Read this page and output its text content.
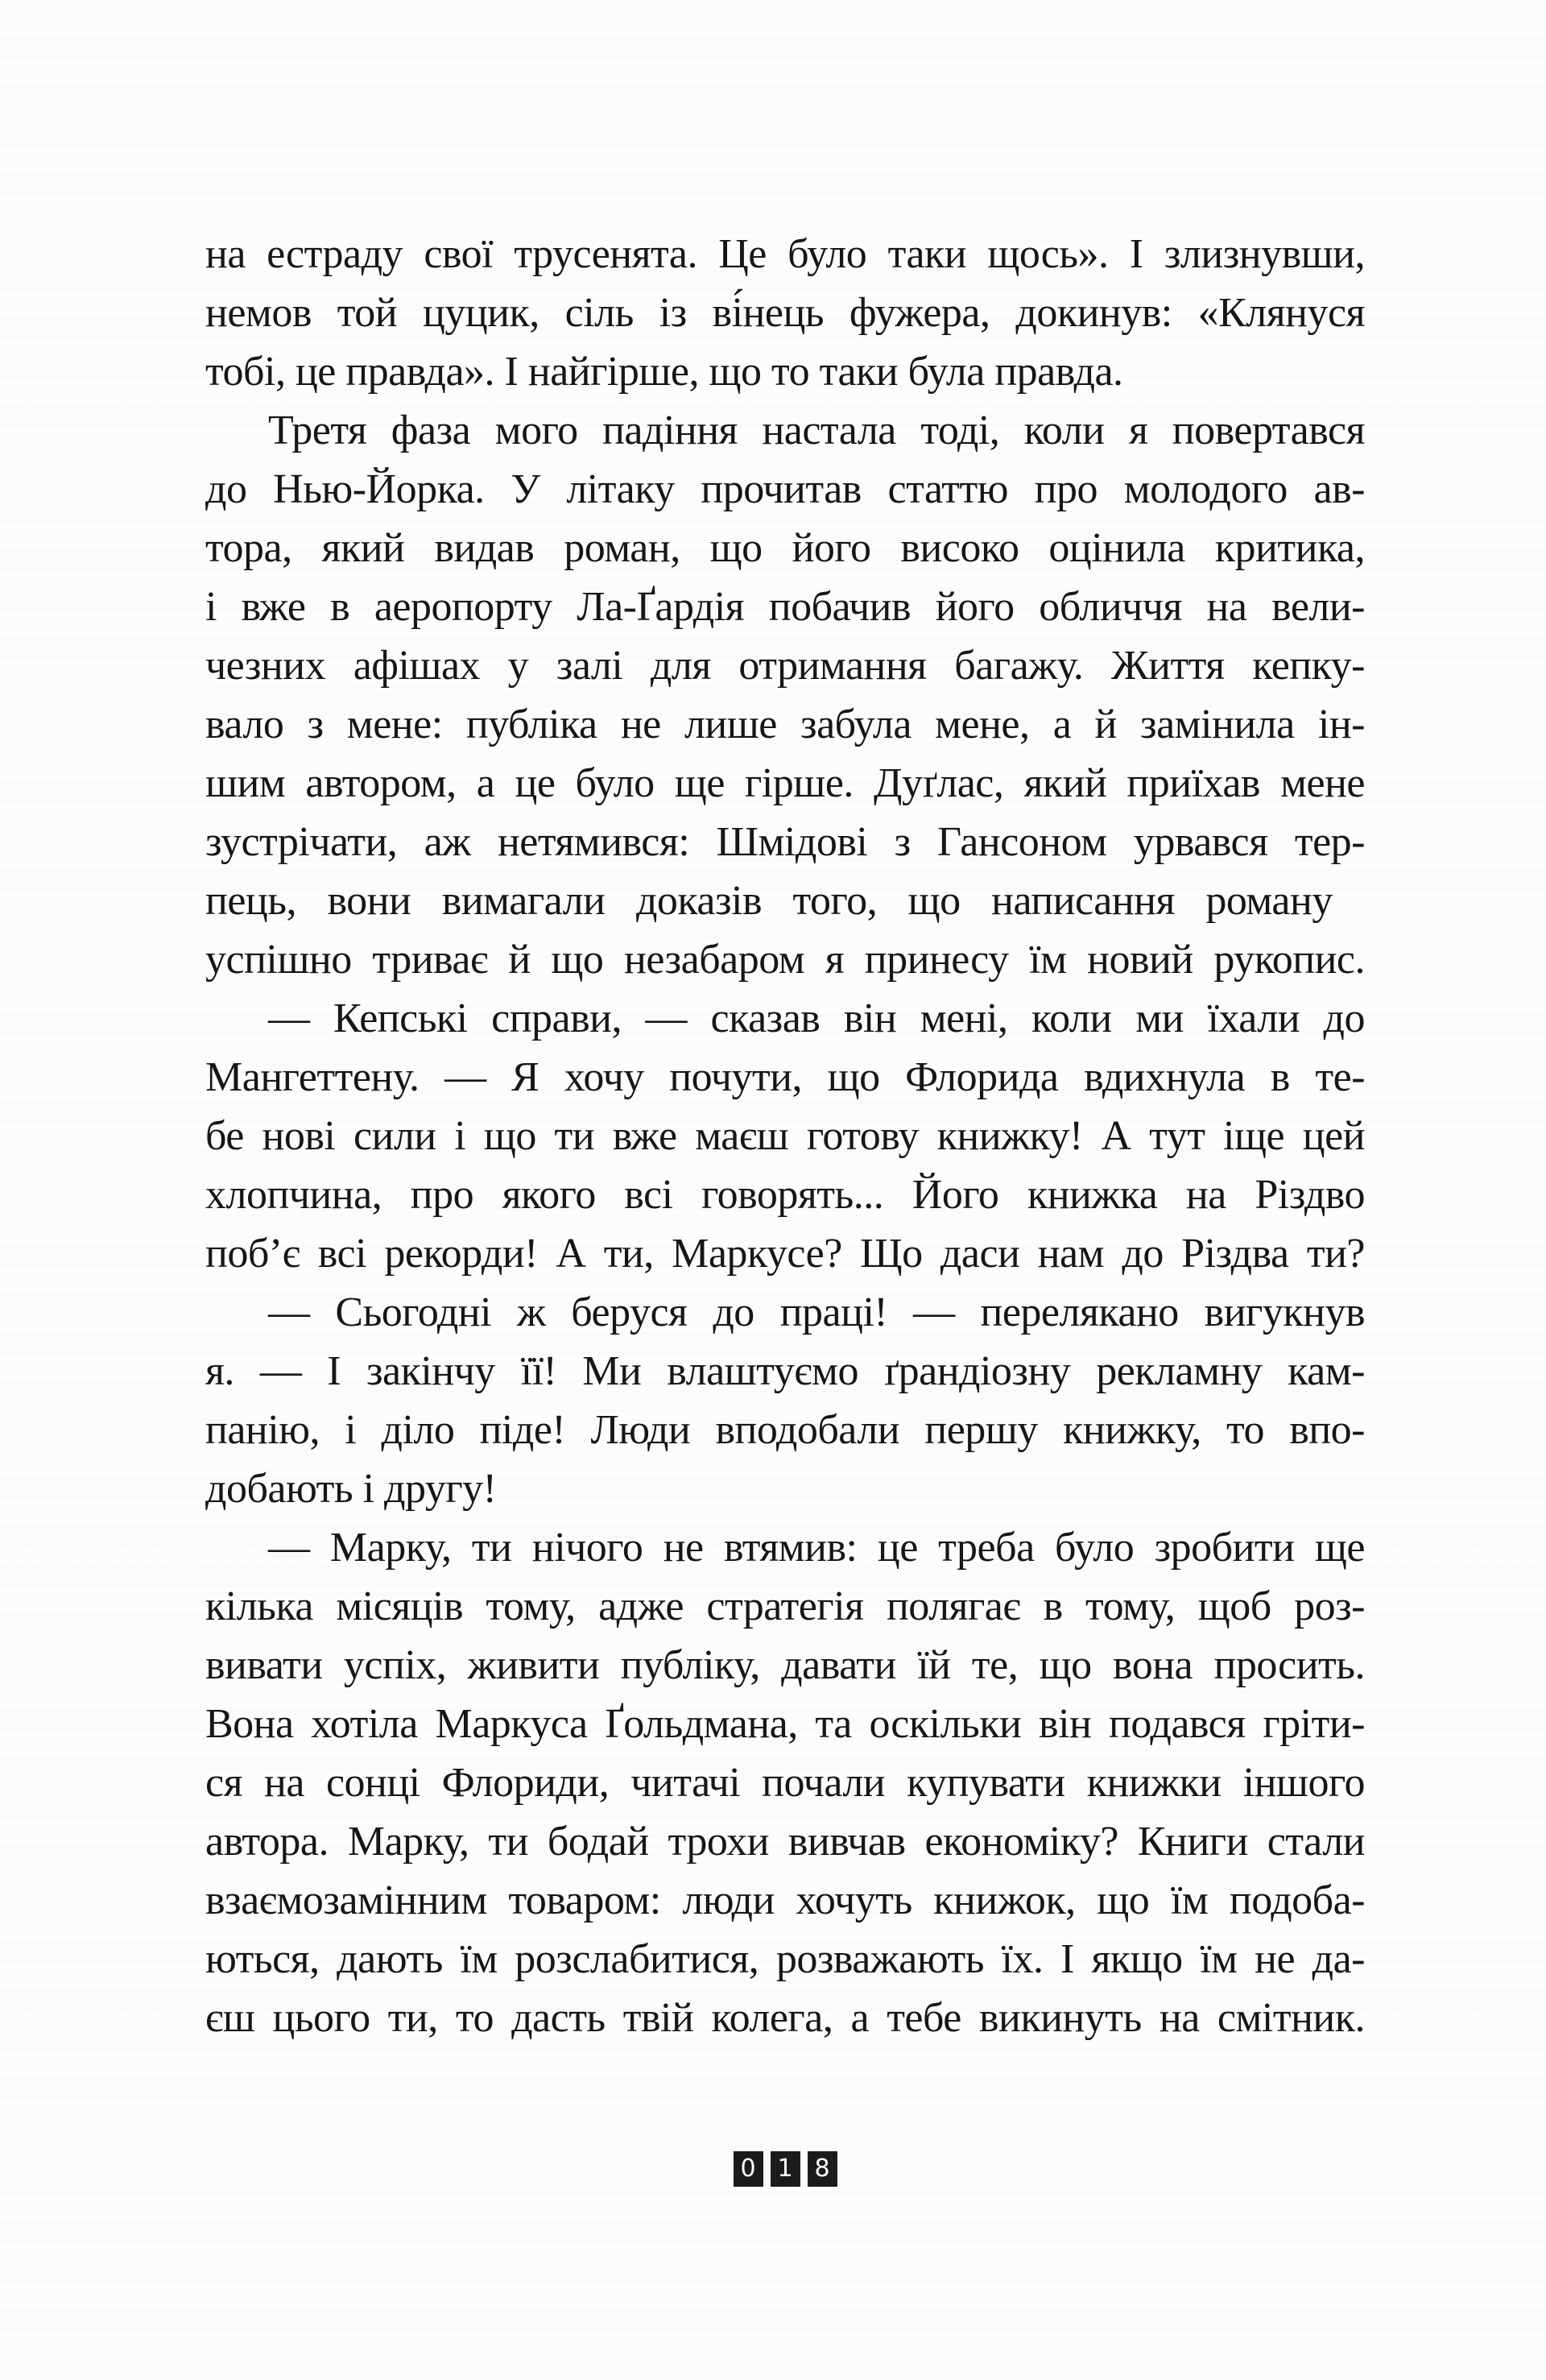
на естраду свої трусенята. Це було таки щось». І злизнувши,
немов той цуцик, сіль із ві́нець фужера, докинув: «Клянуся
тобі, це правда». І найгірше, що то таки була правда.
Третя фаза мого падіння настала тоді, коли я повертався
до Нью-Йорка. У літаку прочитав статтю про молодого ав-
тора, який видав роман, що його високо оцінила критика,
і вже в аеропорту Ла-Ґардія побачив його обличчя на вели-
чезних афішах у залі для отримання багажу. Життя кепку-
вало з мене: публіка не лише забула мене, а й замінила ін-
шим автором, а це було ще гірше. Дуґлас, який приїхав мене
зустрічати, аж нетямився: Шмідові з Гансоном урвався тер-
пець, вони вимагали доказів того, що написання роману
успішно триває й що незабаром я принесу їм новий рукопис.
— Кепські справи, — сказав він мені, коли ми їхали до
Мангеттену. — Я хочу почути, що Флорида вдихнула в те-
бе нові сили і що ти вже маєш готову книжку! А тут іще цей
хлопчина, про якого всі говорять... Його книжка на Різдво
поб’є всі рекорди! А ти, Маркусе? Що даси нам до Різдва ти?
— Сьогодні ж беруся до праці! — перелякано вигукнув
я. — І закінчу її! Ми влаштуємо ґрандіозну рекламну кам-
панію, і діло піде! Люди вподобали першу книжку, то впо-
добають і другу!
— Марку, ти нічого не втямив: це треба було зробити ще
кілька місяців тому, адже стратегія полягає в тому, щоб роз-
вивати успіх, живити публіку, давати їй те, що вона просить.
Вона хотіла Маркуса Ґольдмана, та оскільки він подався гріти-
ся на сонці Флориди, читачі почали купувати книжки іншого
автора. Марку, ти бодай трохи вивчав економіку? Книги стали
взаємозамінним товаром: люди хочуть книжок, що їм подоба-
ються, дають їм розслабитися, розважають їх. І якщо їм не да-
єш цього ти, то дасть твій колега, а тебе викинуть на смітник.
0 1 8
